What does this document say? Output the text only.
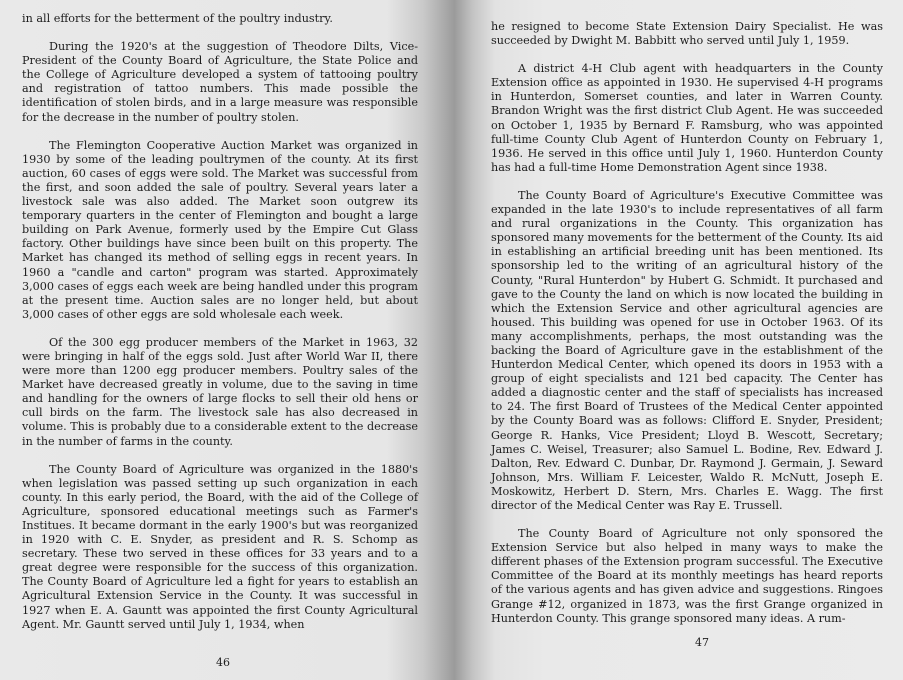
in all efforts for the betterment of the poultry industry.

During the 1920's at the suggestion of Theodore Dilts, Vice-President of the County Board of Agriculture, the State Police and the College of Agriculture developed a system of tattooing poultry and registration of tattoo numbers. This made possible the identification of stolen birds, and in a large measure was responsible for the decrease in the number of poultry stolen.

The Flemington Cooperative Auction Market was organized in 1930 by some of the leading poultrymen of the county. At its first auction, 60 cases of eggs were sold. The Market was successful from the first, and soon added the sale of poultry. Several years later a livestock sale was also added. The Market soon outgrew its temporary quarters in the center of Flemington and bought a large building on Park Avenue, formerly used by the Empire Cut Glass factory. Other buildings have since been built on this property. The Market has changed its method of selling eggs in recent years. In 1960 a "candle and carton" program was started. Approximately 3,000 cases of eggs each week are being handled under this program at the present time. Auction sales are no longer held, but about 3,000 cases of other eggs are sold wholesale each week.

Of the 300 egg producer members of the Market in 1963, 32 were bringing in half of the eggs sold. Just after World War II, there were more than 1200 egg producer members. Poultry sales of the Market have decreased greatly in volume, due to the saving in time and handling for the owners of large flocks to sell their old hens or cull birds on the farm. The livestock sale has also decreased in volume. This is probably due to a considerable extent to the decrease in the number of farms in the county.

The County Board of Agriculture was organized in the 1880's when legislation was passed setting up such organization in each county. In this early period, the Board, with the aid of the College of Agriculture, sponsored educational meetings such as Farmer's Institues. It became dormant in the early 1900's but was reorganized in 1920 with C. E. Snyder, as president and R. S. Schomp as secretary. These two served in these offices for 33 years and to a great degree were responsible for the success of this organization. The County Board of Agriculture led a fight for years to establish an Agricultural Extension Service in the County. It was successful in 1927 when E. A. Gauntt was appointed the first County Agricultural Agent. Mr. Gauntt served until July 1, 1934, when

46

he resigned to become State Extension Dairy Specialist. He was succeeded by Dwight M. Babbitt who served until July 1, 1959.

A district 4-H Club agent with headquarters in the County Extension office as appointed in 1930. He supervised 4-H programs in Hunterdon, Somerset counties, and later in Warren County. Brandon Wright was the first district Club Agent. He was succeeded on October 1, 1935 by Bernard F. Ramsburg, who was appointed full-time County Club Agent of Hunterdon County on February 1, 1936. He served in this office until July 1, 1960. Hunterdon County has had a full-time Home Demonstration Agent since 1938.

The County Board of Agriculture's Executive Committee was expanded in the late 1930's to include representatives of all farm and rural organizations in the County. This organization has sponsored many movements for the betterment of the County. Its aid in establishing an artificial breeding unit has been mentioned. Its sponsorship led to the writing of an agricultural history of the County, "Rural Hunterdon" by Hubert G. Schmidt. It purchased and gave to the County the land on which is now located the building in which the Extension Service and other agricultural agencies are housed. This building was opened for use in October 1963. Of its many accomplishments, perhaps, the most outstanding was the backing the Board of Agriculture gave in the establishment of the Hunterdon Medical Center, which opened its doors in 1953 with a group of eight specialists and 121 bed capacity. The Center has added a diagnostic center and the staff of specialists has increased to 24. The first Board of Trustees of the Medical Center appointed by the County Board was as follows: Clifford E. Snyder, President; George R. Hanks, Vice President; Lloyd B. Wescott, Secretary; James C. Weisel, Treasurer; also Samuel L. Bodine, Rev. Edward J. Dalton, Rev. Edward C. Dunbar, Dr. Raymond J. Germain, J. Seward Johnson, Mrs. William F. Leicester, Waldo R. McNutt, Joseph E. Moskowitz, Herbert D. Stern, Mrs. Charles E. Wagg. The first director of the Medical Center was Ray E. Trussell.

The County Board of Agriculture not only sponsored the Extension Service but also helped in many ways to make the different phases of the Extension program successful. The Executive Committee of the Board at its monthly meetings has heard reports of the various agents and has given advice and suggestions. Ringoes Grange #12, organized in 1873, was the first Grange organized in Hunterdon County. This grange sponsored many ideas. A rum-

47
